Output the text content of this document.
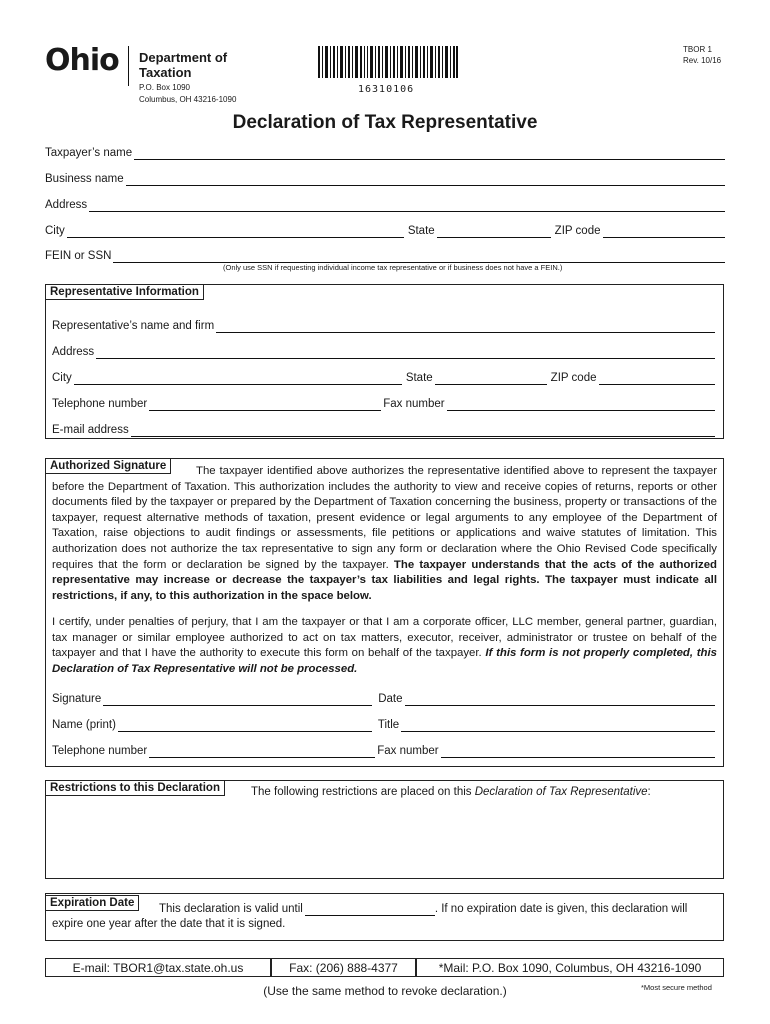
Ohio Department of
Taxation
P.O. Box 1090
Columbus, OH 43216-1090
16310106
TBOR 1
Rev. 10/16
Declaration of Tax Representative
Taxpayer’s name
Business name
Address
City	State	ZIP code
FEIN or SSN
(Only use SSN if requesting individual income tax representative or if business does not have a FEIN.)
Representative Information
Representative’s name and firm
Address
City	State	ZIP code
Telephone number	Fax number
E-mail address
Authorized Signature	The taxpayer identified above authorizes the representative identified above to represent the taxpayer before the Department of Taxation. This authorization includes the authority to view and receive copies of returns, reports or other documents filed by the taxpayer or prepared by the Department of Taxation concerning the business, property or transactions of the taxpayer, request alternative methods of taxation, present evidence or legal arguments to any employee of the Department of Taxation, raise objections to audit findings or assessments, file petitions or applications and waive statutes of limitation. This authorization does not authorize the tax representative to sign any form or declaration where the Ohio Revised Code specifically requires that the form or declaration be signed by the taxpayer. The taxpayer understands that the acts of the authorized representative may increase or decrease the taxpayer’s tax liabilities and legal rights. The taxpayer must indicate all restrictions, if any, to this authorization in the space below.
I certify, under penalties of perjury, that I am the taxpayer or that I am a corporate officer, LLC member, general partner, guardian, tax manager or similar employee authorized to act on tax matters, executor, receiver, administrator or trustee on behalf of the taxpayer and that I have the authority to execute this form on behalf of the taxpayer. If this form is not properly completed, this Declaration of Tax Representative will not be processed.
Signature	Date
Name (print)	Title
Telephone number	Fax number
Restrictions to this Declaration	The following restrictions are placed on this Declaration of Tax Representative:
Expiration Date	This declaration is valid until	. If no expiration date is given, this declaration will
expire one year after the date that it is signed.
E-mail: TBOR1@tax.state.oh.us	Fax: (206) 888-4377	*Mail: P.O. Box 1090, Columbus, OH 43216-1090
(Use the same method to revoke declaration.)	*Most secure method
